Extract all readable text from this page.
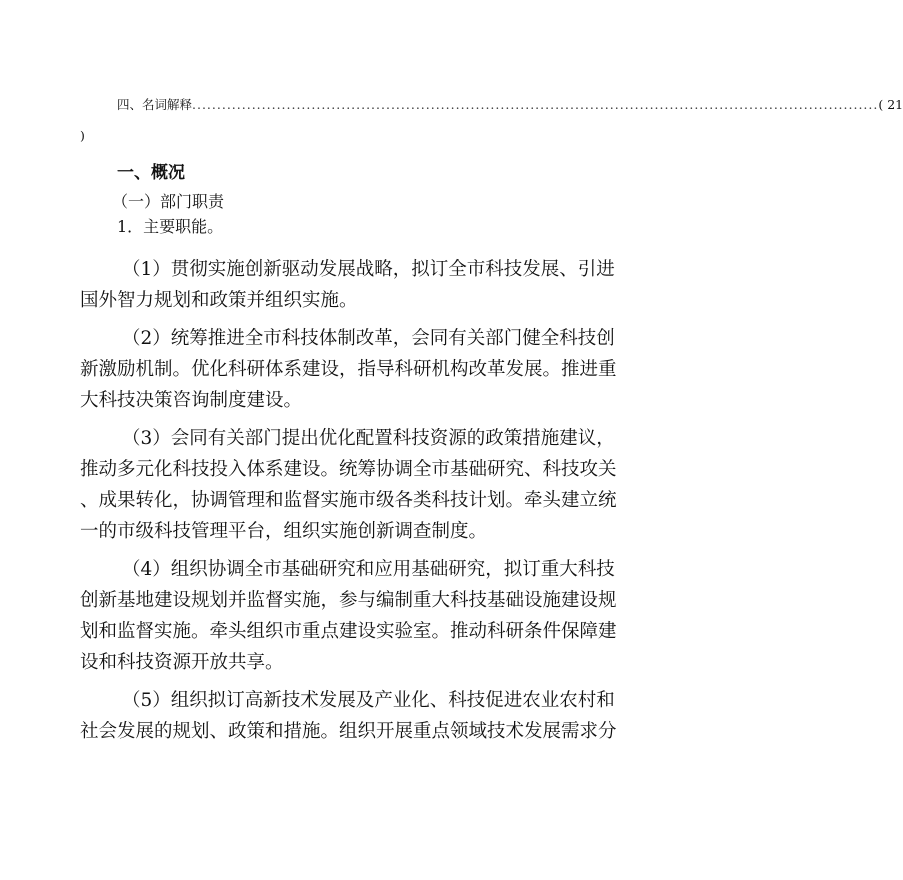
四、名词解释 .......................................................................................................................................... ( 21
)
一、概况
（一）部门职责
1．主要职能。
（1）贯彻实施创新驱动发展战略，拟订全市科技发展、引进
国外智力规划和政策并组织实施。
（2）统筹推进全市科技体制改革，会同有关部门健全科技创
新激励机制。优化科研体系建设，指导科研机构改革发展。推进重
大科技决策咨询制度建设。
（3）会同有关部门提出优化配置科技资源的政策措施建议，
推动多元化科技投入体系建设。统筹协调全市基础研究、科技攻关
、成果转化，协调管理和监督实施市级各类科技计划。牵头建立统
一的市级科技管理平台，组织实施创新调查制度。
（4）组织协调全市基础研究和应用基础研究，拟订重大科技
创新基地建设规划并监督实施，参与编制重大科技基础设施建设规
划和监督实施。牵头组织市重点建设实验室。推动科研条件保障建
设和科技资源开放共享。
（5）组织拟订高新技术发展及产业化、科技促进农业农村和
社会发展的规划、政策和措施。组织开展重点领域技术发展需求分
